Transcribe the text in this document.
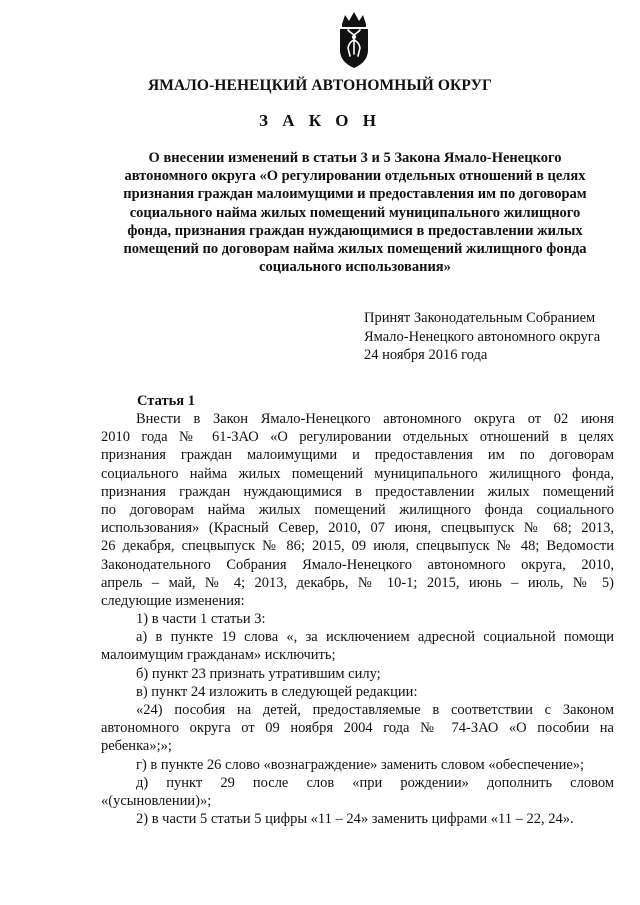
ЯМАЛО-НЕНЕЦКИЙ АВТОНОМНЫЙ ОКРУГ
З А К О Н
О внесении изменений в статьи 3 и 5 Закона Ямало-Ненецкого
автономного округа «О регулировании отдельных отношений в целях
признания граждан малоимущими и предоставления им по договорам
социального найма жилых помещений муниципального жилищного
фонда, признания граждан нуждающимися в предоставлении жилых
помещений по договорам найма жилых помещений жилищного фонда
социального использования»
Принят Законодательным Собранием
Ямало-Ненецкого автономного округа
24 ноября 2016 года
Статья 1
Внести в Закон Ямало-Ненецкого автономного округа от 02 июня
2010 года № 61-ЗАО «О регулировании отдельных отношений в целях
признания граждан малоимущими и предоставления им по договорам
социального найма жилых помещений муниципального жилищного фонда,
признания граждан нуждающимися в предоставлении жилых помещений
по договорам найма жилых помещений жилищного фонда социального
использования» (Красный Север, 2010, 07 июня, спецвыпуск № 68; 2013,
26 декабря, спецвыпуск № 86; 2015, 09 июля, спецвыпуск № 48; Ведомости
Законодательного Собрания Ямало-Ненецкого автономного округа, 2010,
апрель – май, № 4; 2013, декабрь, № 10-1; 2015, июнь – июль, № 5)
следующие изменения:
1) в части 1 статьи 3:
а) в пункте 19 слова «, за исключением адресной социальной помощи
малоимущим гражданам» исключить;
б) пункт 23 признать утратившим силу;
в) пункт 24 изложить в следующей редакции:
«24) пособия на детей, предоставляемые в соответствии с Законом
автономного округа от 09 ноября 2004 года № 74-ЗАО «О пособии на
ребенка»;»;
г) в пункте 26 слово «вознаграждение» заменить словом «обеспечение»;
д) пункт 29 после слов «при рождении» дополнить словом
«(усыновлении)»;
2) в части 5 статьи 5 цифры «11 – 24» заменить цифрами «11 – 22, 24».
